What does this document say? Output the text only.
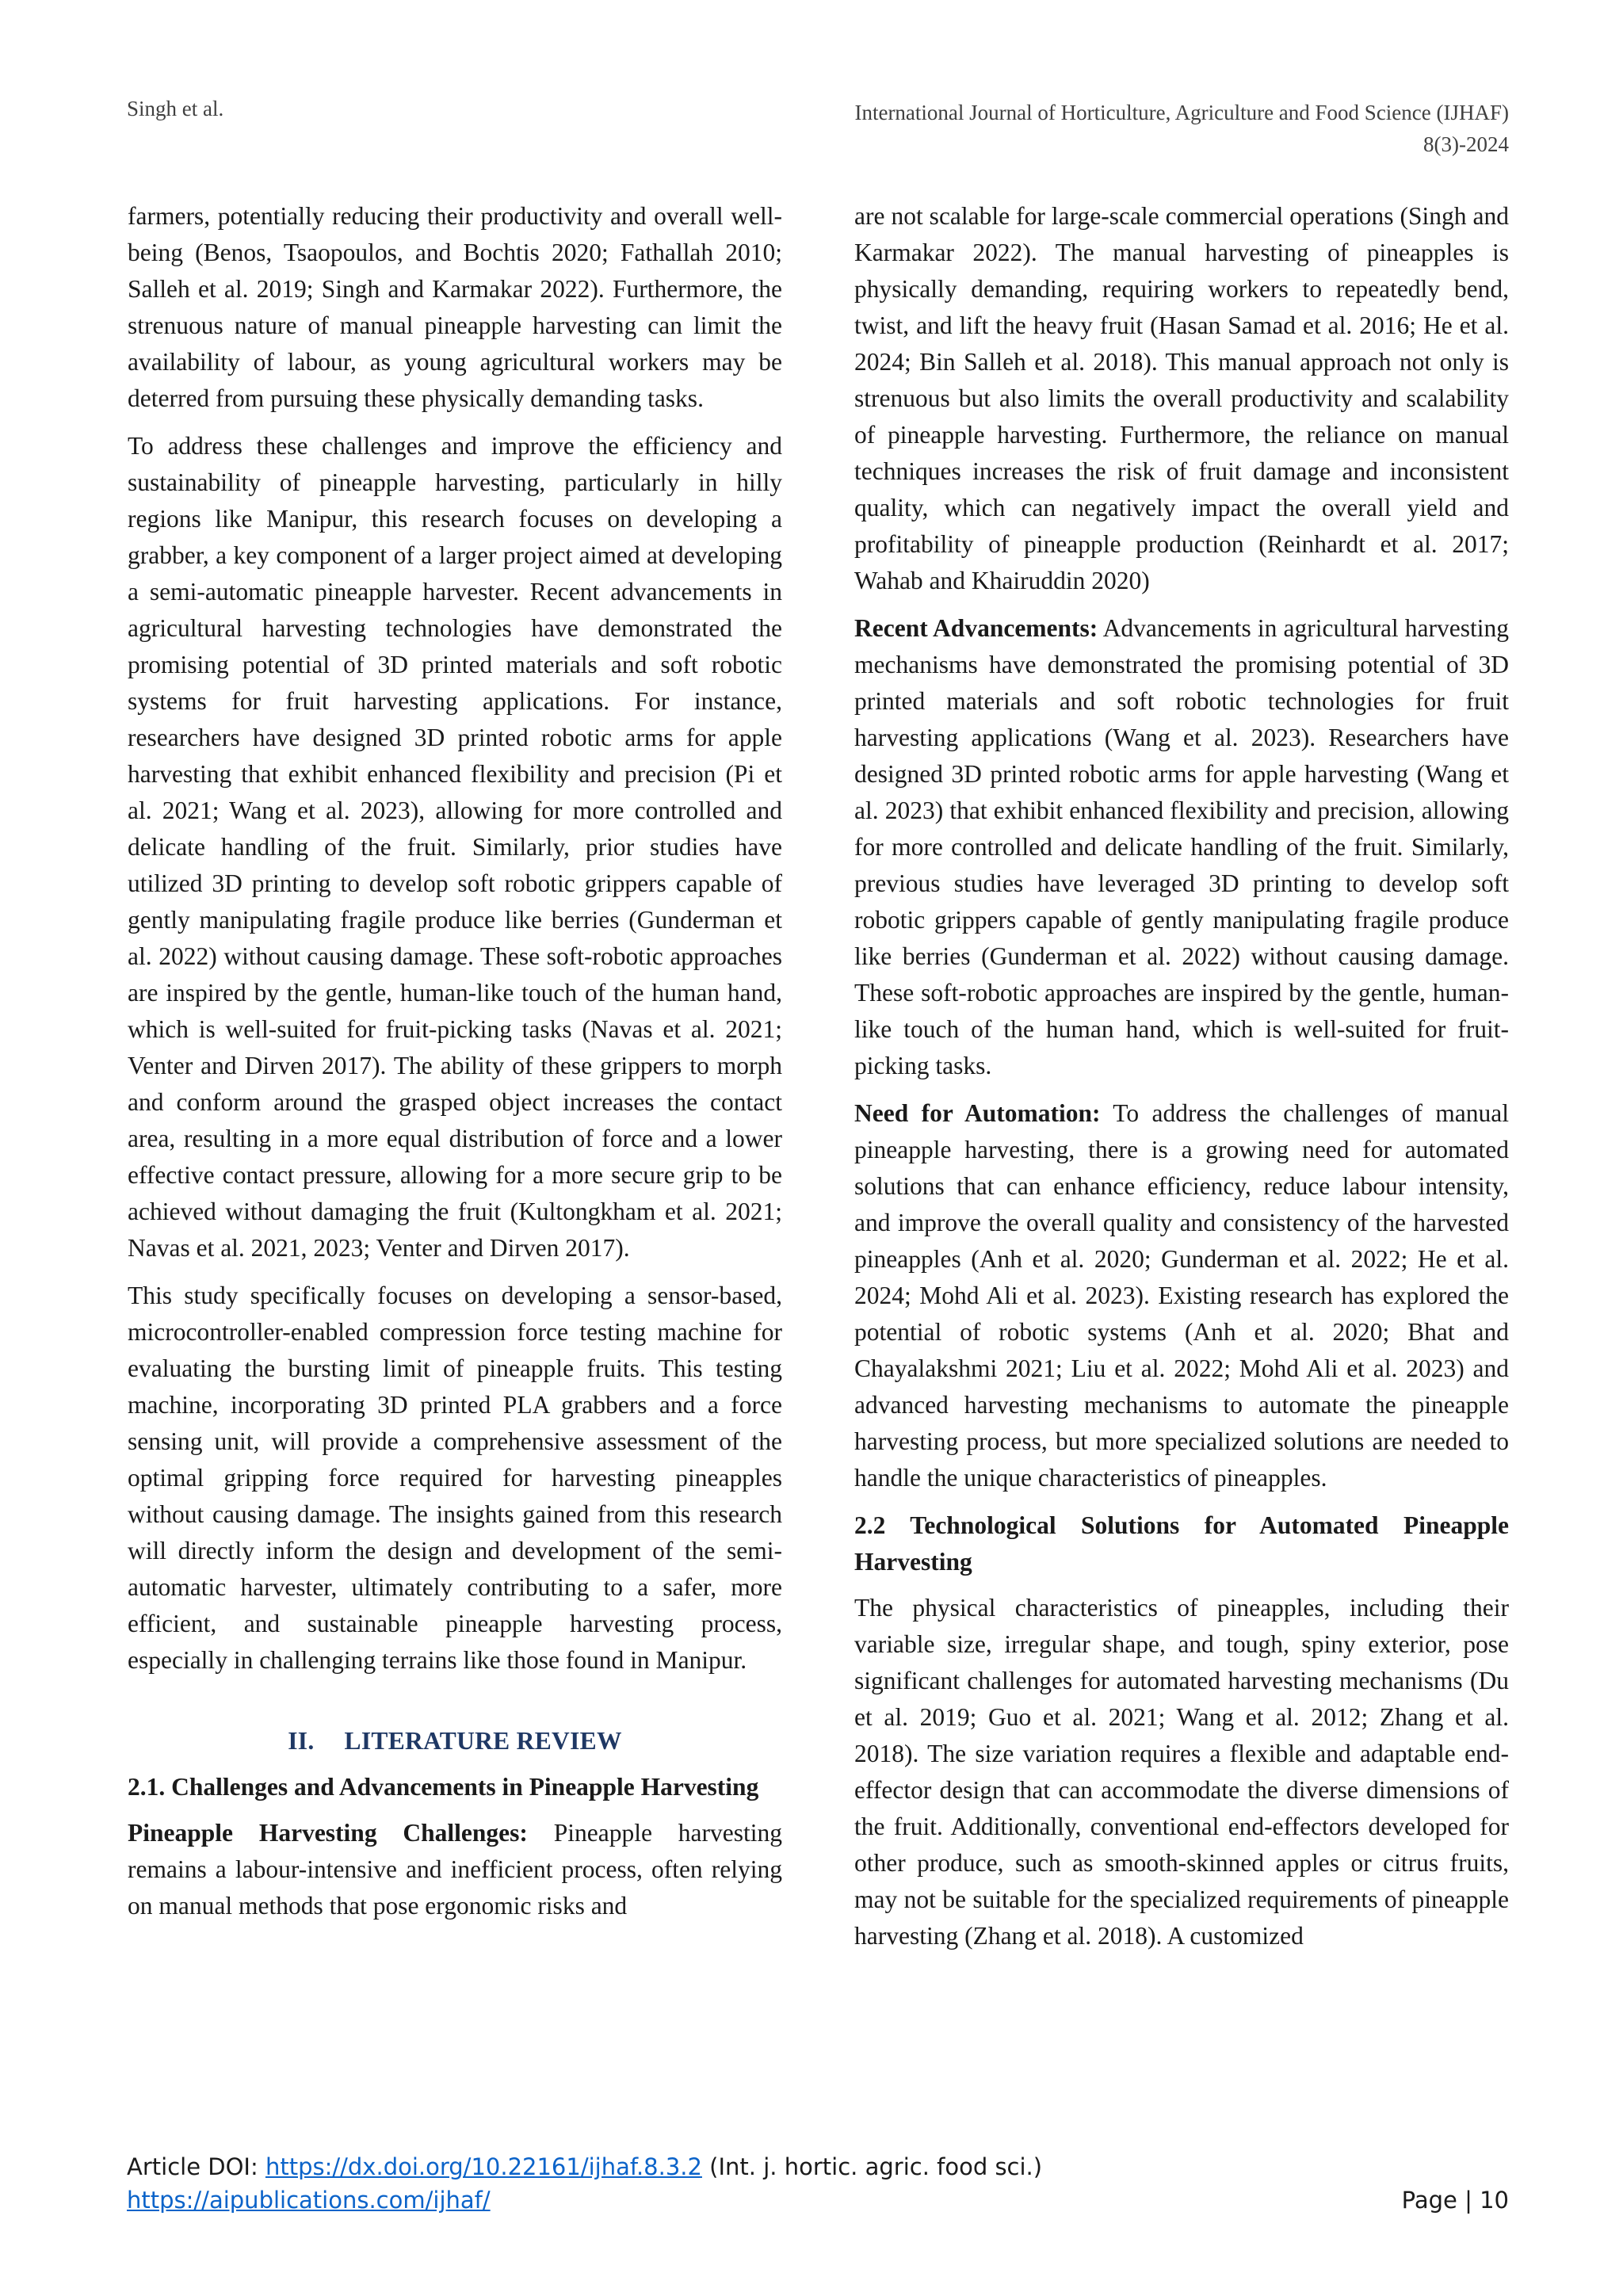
Singh et al.	International Journal of Horticulture, Agriculture and Food Science (IJHAF)
8(3)-2024

farmers, potentially reducing their productivity and overall well-being (Benos, Tsaopoulos, and Bochtis 2020; Fathallah 2010; Salleh et al. 2019; Singh and Karmakar 2022). Furthermore, the strenuous nature of manual pineapple harvesting can limit the availability of labour, as young agricultural workers may be deterred from pursuing these physically demanding tasks.

To address these challenges and improve the efficiency and sustainability of pineapple harvesting, particularly in hilly regions like Manipur, this research focuses on developing a grabber, a key component of a larger project aimed at developing a semi-automatic pineapple harvester. Recent advancements in agricultural harvesting technologies have demonstrated the promising potential of 3D printed materials and soft robotic systems for fruit harvesting applications. For instance, researchers have designed 3D printed robotic arms for apple harvesting that exhibit enhanced flexibility and precision (Pi et al. 2021; Wang et al. 2023), allowing for more controlled and delicate handling of the fruit. Similarly, prior studies have utilized 3D printing to develop soft robotic grippers capable of gently manipulating fragile produce like berries (Gunderman et al. 2022) without causing damage. These soft-robotic approaches are inspired by the gentle, human-like touch of the human hand, which is well-suited for fruit-picking tasks (Navas et al. 2021; Venter and Dirven 2017). The ability of these grippers to morph and conform around the grasped object increases the contact area, resulting in a more equal distribution of force and a lower effective contact pressure, allowing for a more secure grip to be achieved without damaging the fruit (Kultongkham et al. 2021; Navas et al. 2021, 2023; Venter and Dirven 2017).

This study specifically focuses on developing a sensor-based, microcontroller-enabled compression force testing machine for evaluating the bursting limit of pineapple fruits. This testing machine, incorporating 3D printed PLA grabbers and a force sensing unit, will provide a comprehensive assessment of the optimal gripping force required for harvesting pineapples without causing damage. The insights gained from this research will directly inform the design and development of the semi-automatic harvester, ultimately contributing to a safer, more efficient, and sustainable pineapple harvesting process, especially in challenging terrains like those found in Manipur.

II. LITERATURE REVIEW
2.1. Challenges and Advancements in Pineapple Harvesting

Pineapple Harvesting Challenges: Pineapple harvesting remains a labour-intensive and inefficient process, often relying on manual methods that pose ergonomic risks and

are not scalable for large-scale commercial operations (Singh and Karmakar 2022). The manual harvesting of pineapples is physically demanding, requiring workers to repeatedly bend, twist, and lift the heavy fruit (Hasan Samad et al. 2016; He et al. 2024; Bin Salleh et al. 2018). This manual approach not only is strenuous but also limits the overall productivity and scalability of pineapple harvesting. Furthermore, the reliance on manual techniques increases the risk of fruit damage and inconsistent quality, which can negatively impact the overall yield and profitability of pineapple production (Reinhardt et al. 2017; Wahab and Khairuddin 2020)

Recent Advancements: Advancements in agricultural harvesting mechanisms have demonstrated the promising potential of 3D printed materials and soft robotic technologies for fruit harvesting applications (Wang et al. 2023). Researchers have designed 3D printed robotic arms for apple harvesting (Wang et al. 2023) that exhibit enhanced flexibility and precision, allowing for more controlled and delicate handling of the fruit. Similarly, previous studies have leveraged 3D printing to develop soft robotic grippers capable of gently manipulating fragile produce like berries (Gunderman et al. 2022) without causing damage. These soft-robotic approaches are inspired by the gentle, human-like touch of the human hand, which is well-suited for fruit-picking tasks.

Need for Automation: To address the challenges of manual pineapple harvesting, there is a growing need for automated solutions that can enhance efficiency, reduce labour intensity, and improve the overall quality and consistency of the harvested pineapples (Anh et al. 2020; Gunderman et al. 2022; He et al. 2024; Mohd Ali et al. 2023). Existing research has explored the potential of robotic systems (Anh et al. 2020; Bhat and Chayalakshmi 2021; Liu et al. 2022; Mohd Ali et al. 2023) and advanced harvesting mechanisms to automate the pineapple harvesting process, but more specialized solutions are needed to handle the unique characteristics of pineapples.

2.2 Technological Solutions for Automated Pineapple Harvesting

The physical characteristics of pineapples, including their variable size, irregular shape, and tough, spiny exterior, pose significant challenges for automated harvesting mechanisms (Du et al. 2019; Guo et al. 2021; Wang et al. 2012; Zhang et al. 2018). The size variation requires a flexible and adaptable end-effector design that can accommodate the diverse dimensions of the fruit. Additionally, conventional end-effectors developed for other produce, such as smooth-skinned apples or citrus fruits, may not be suitable for the specialized requirements of pineapple harvesting (Zhang et al. 2018). A customized

Article DOI: https://dx.doi.org/10.22161/ijhaf.8.3.2 (Int. j. hortic. agric. food sci.)
https://aipublications.com/ijhaf/	Page | 10
